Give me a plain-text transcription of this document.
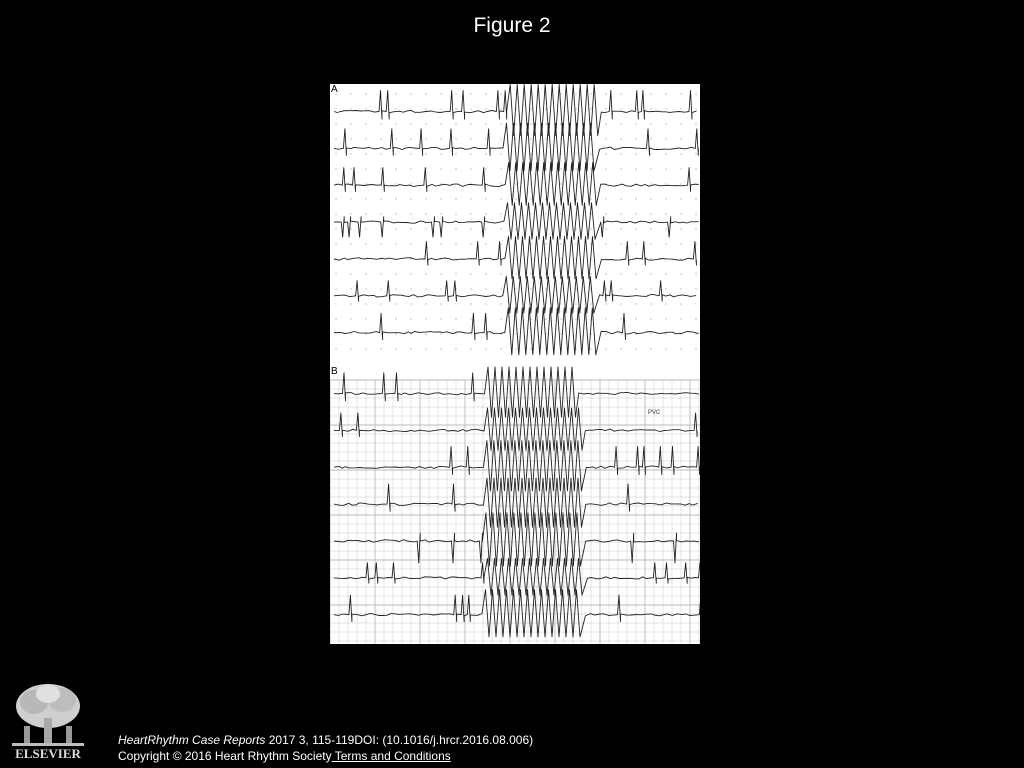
Figure 2
A
PVC
B
ELSEVIER
HeartRhythm Case Reports 2017 3, 115-119DOI: (10.1016/j.hrcr.2016.08.006)
Copyright © 2016 Heart Rhythm Society Terms and Conditions
